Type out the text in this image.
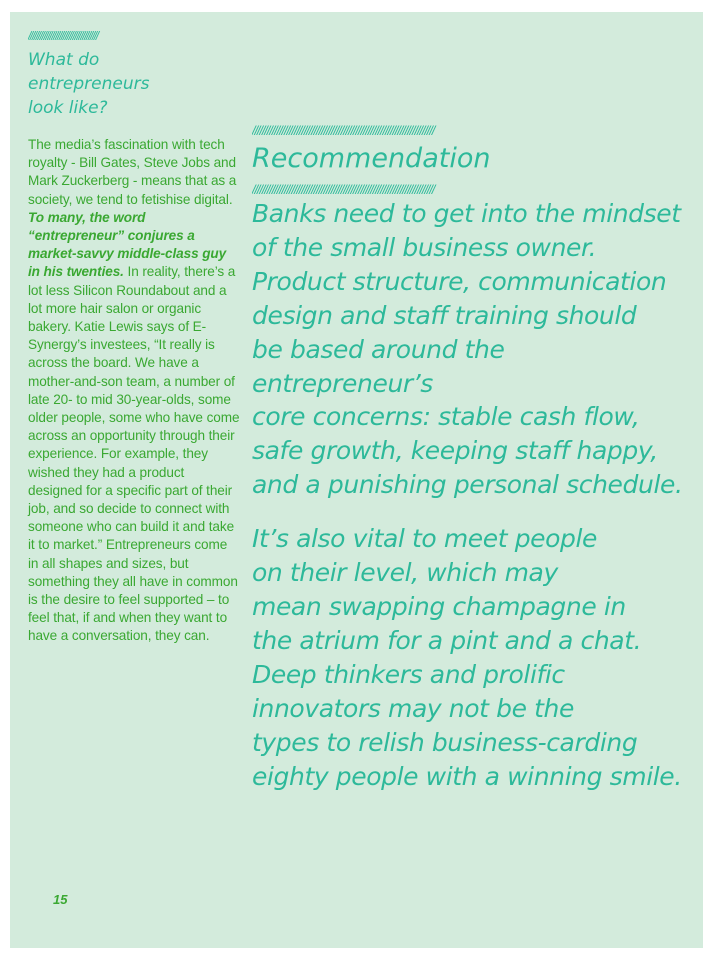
////////////////////////////////////
What do
entrepreneurs
look like?
The media’s fascination with tech royalty - Bill Gates, Steve Jobs and Mark Zuckerberg - means that as a society, we tend to fetishise digital. To many, the word “entrepreneur” conjures a market-savvy middle-class guy in his twenties. In reality, there’s a lot less Silicon Roundabout and a lot more hair salon or organic bakery. Katie Lewis says of E-Synergy’s investees, “It really is across the board. We have a mother-and-son team, a number of late 20- to mid 30-year-olds, some older people, some who have come across an opportunity through their experience. For example, they wished they had a product designed for a specific part of their job, and so decide to connect with someone who can build it and take it to market.” Entrepreneurs come in all shapes and sizes, but something they all have in common is the desire to feel supported – to feel that, if and when they want to have a conversation, they can.
//////////////////////////////////////////////////////////////////////////
Recommendation
//////////////////////////////////////////////////////////////////////////
Banks need to get into the mindset
of the small business owner.
Product structure, communication
design and staff training should
be based around the entrepreneur’s
core concerns: stable cash flow,
safe growth, keeping staff happy,
and a punishing personal schedule.
It’s also vital to meet people
on their level, which may
mean swapping champagne in
the atrium for a pint and a chat.
Deep thinkers and prolific
innovators may not be the
types to relish business-carding
eighty people with a winning smile.
15
